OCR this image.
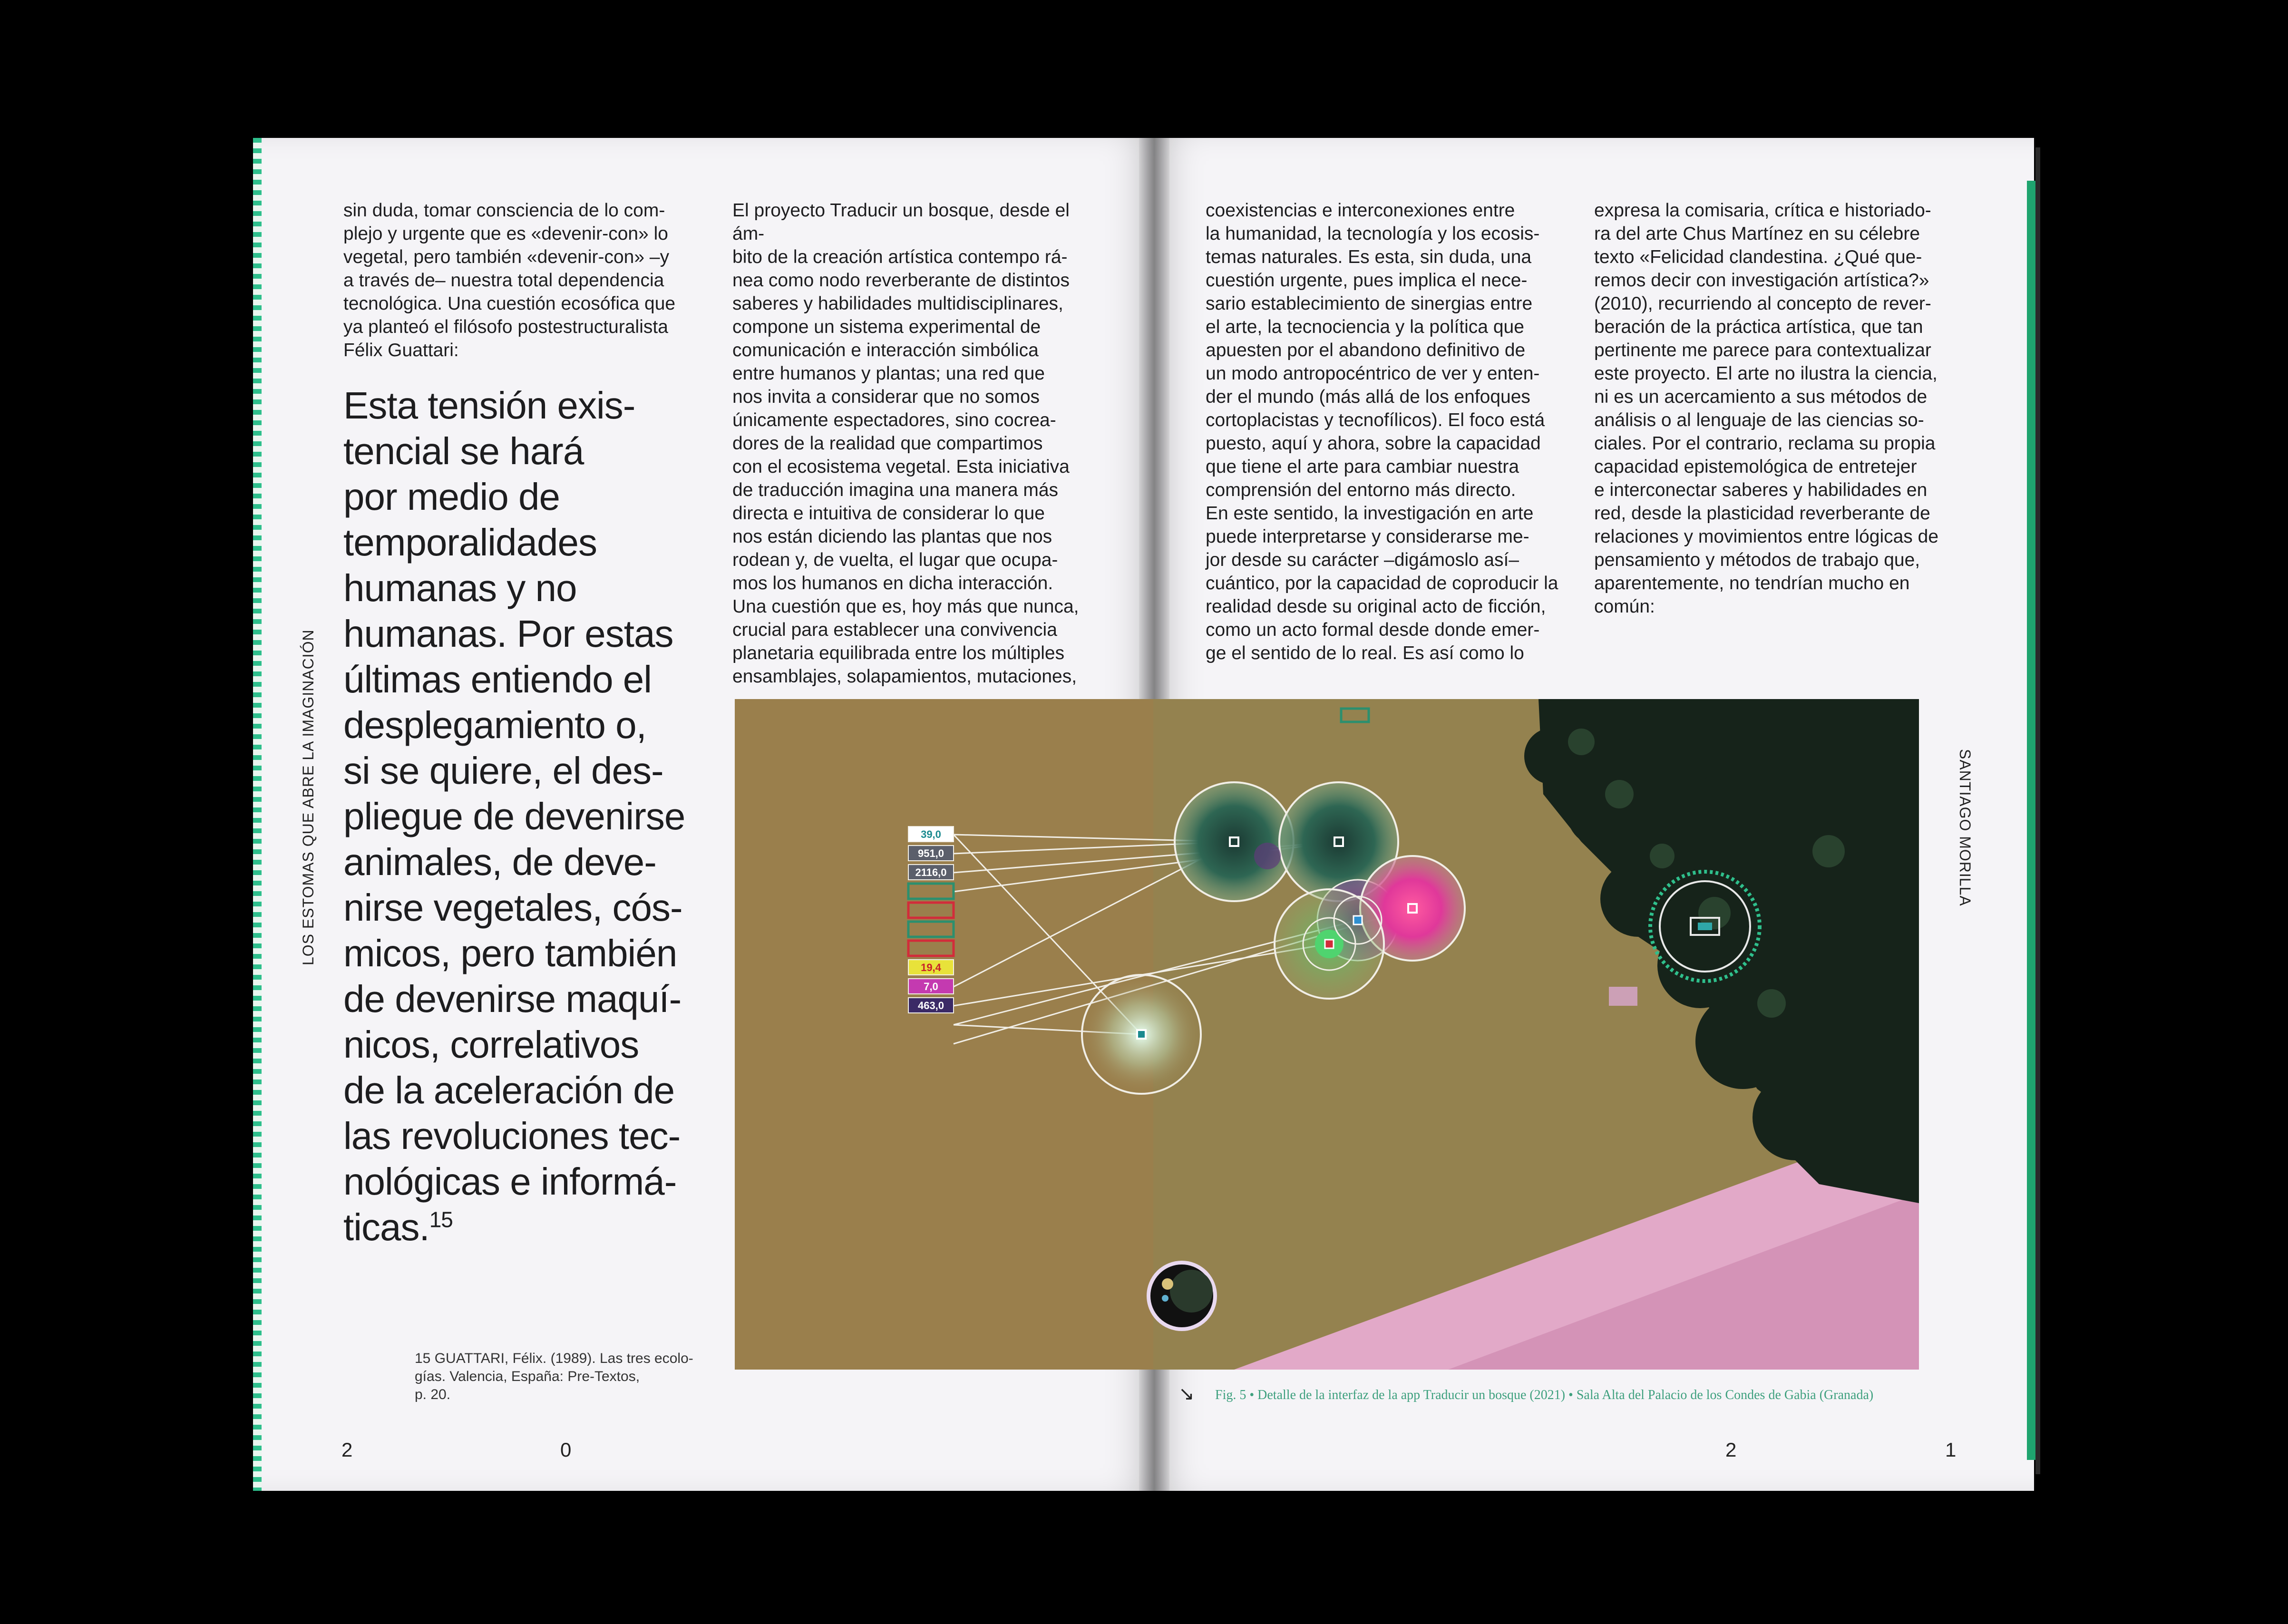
LOS ESTOMAS QUE ABRE LA IMAGINACIÓN	SANTIAGO MORILLA
sin duda, tomar consciencia de lo com-
plejo y urgente que es «devenir-con» lo
vegetal, pero también «devenir-con» –y
a través de– nuestra total dependencia
tecnológica. Una cuestión ecosófica que
ya planteó el filósofo postestructuralista
Félix Guattari:
Esta tensión exis-
tencial se hará
por medio de
temporalidades
humanas y no
humanas. Por estas
últimas entiendo el
desplegamiento o,
si se quiere, el des-
pliegue de devenirse
animales, de deve-
nirse vegetales, cós-
micos, pero también
de devenirse maquí-
nicos, correlativos
de la aceleración de
las revoluciones tec-
nológicas e informá-
ticas.$^{15}$
15 GUATTARI, Félix. (1989). Las tres ecolo-
gías. Valencia, España: Pre-Textos,
p. 20.
El proyecto Traducir un bosque, desde el ám-
bito de la creación artística contempo rá-
nea como nodo reverberante de distintos
saberes y habilidades multidisciplinares,
compone un sistema experimental de
comunicación e interacción simbólica
entre humanos y plantas; una red que
nos invita a considerar que no somos
únicamente espectadores, sino cocrea-
dores de la realidad que compartimos
con el ecosistema vegetal. Esta iniciativa
de traducción imagina una manera más
directa e intuitiva de considerar lo que
nos están diciendo las plantas que nos
rodean y, de vuelta, el lugar que ocupa-
mos los humanos en dicha interacción.
Una cuestión que es, hoy más que nunca,
crucial para establecer una convivencia
planetaria equilibrada entre los múltiples
ensamblajes, solapamientos, mutaciones,
coexistencias e interconexiones entre
la humanidad, la tecnología y los ecosis-
temas naturales. Es esta, sin duda, una
cuestión urgente, pues implica el nece-
sario establecimiento de sinergias entre
el arte, la tecnociencia y la política que
apuesten por el abandono definitivo de
un modo antropocéntrico de ver y enten-
der el mundo (más allá de los enfoques
cortoplacistas y tecnofílicos). El foco está
puesto, aquí y ahora, sobre la capacidad
que tiene el arte para cambiar nuestra
comprensión del entorno más directo.
En este sentido, la investigación en arte
puede interpretarse y considerarse me-
jor desde su carácter –digámoslo así–
cuántico, por la capacidad de coproducir la
realidad desde su original acto de ficción,
como un acto formal desde donde emer-
ge el sentido de lo real. Es así como lo
expresa la comisaria, crítica e historiado-
ra del arte Chus Martínez en su célebre
texto «Felicidad clandestina. ¿Qué que-
remos decir con investigación artística?»
(2010), recurriendo al concepto de rever-
beración de la práctica artística, que tan
pertinente me parece para contextualizar
este proyecto. El arte no ilustra la ciencia,
ni es un acercamiento a sus métodos de
análisis o al lenguaje de las ciencias so-
ciales. Por el contrario, reclama su propia
capacidad epistemológica de entretejer
e interconectar saberes y habilidades en
red, desde la plasticidad reverberante de
relaciones y movimientos entre lógicas de
pensamiento y métodos de trabajo que,
aparentemente, no tendrían mucho en
común:
39,0
951,0
2116,0
19,4
7,0
463,0
↘ Fig. 5 • Detalle de la interfaz de la app Traducir un bosque (2021) • Sala Alta del Palacio de los Condes de Gabia (Granada)
2	0	2	1
